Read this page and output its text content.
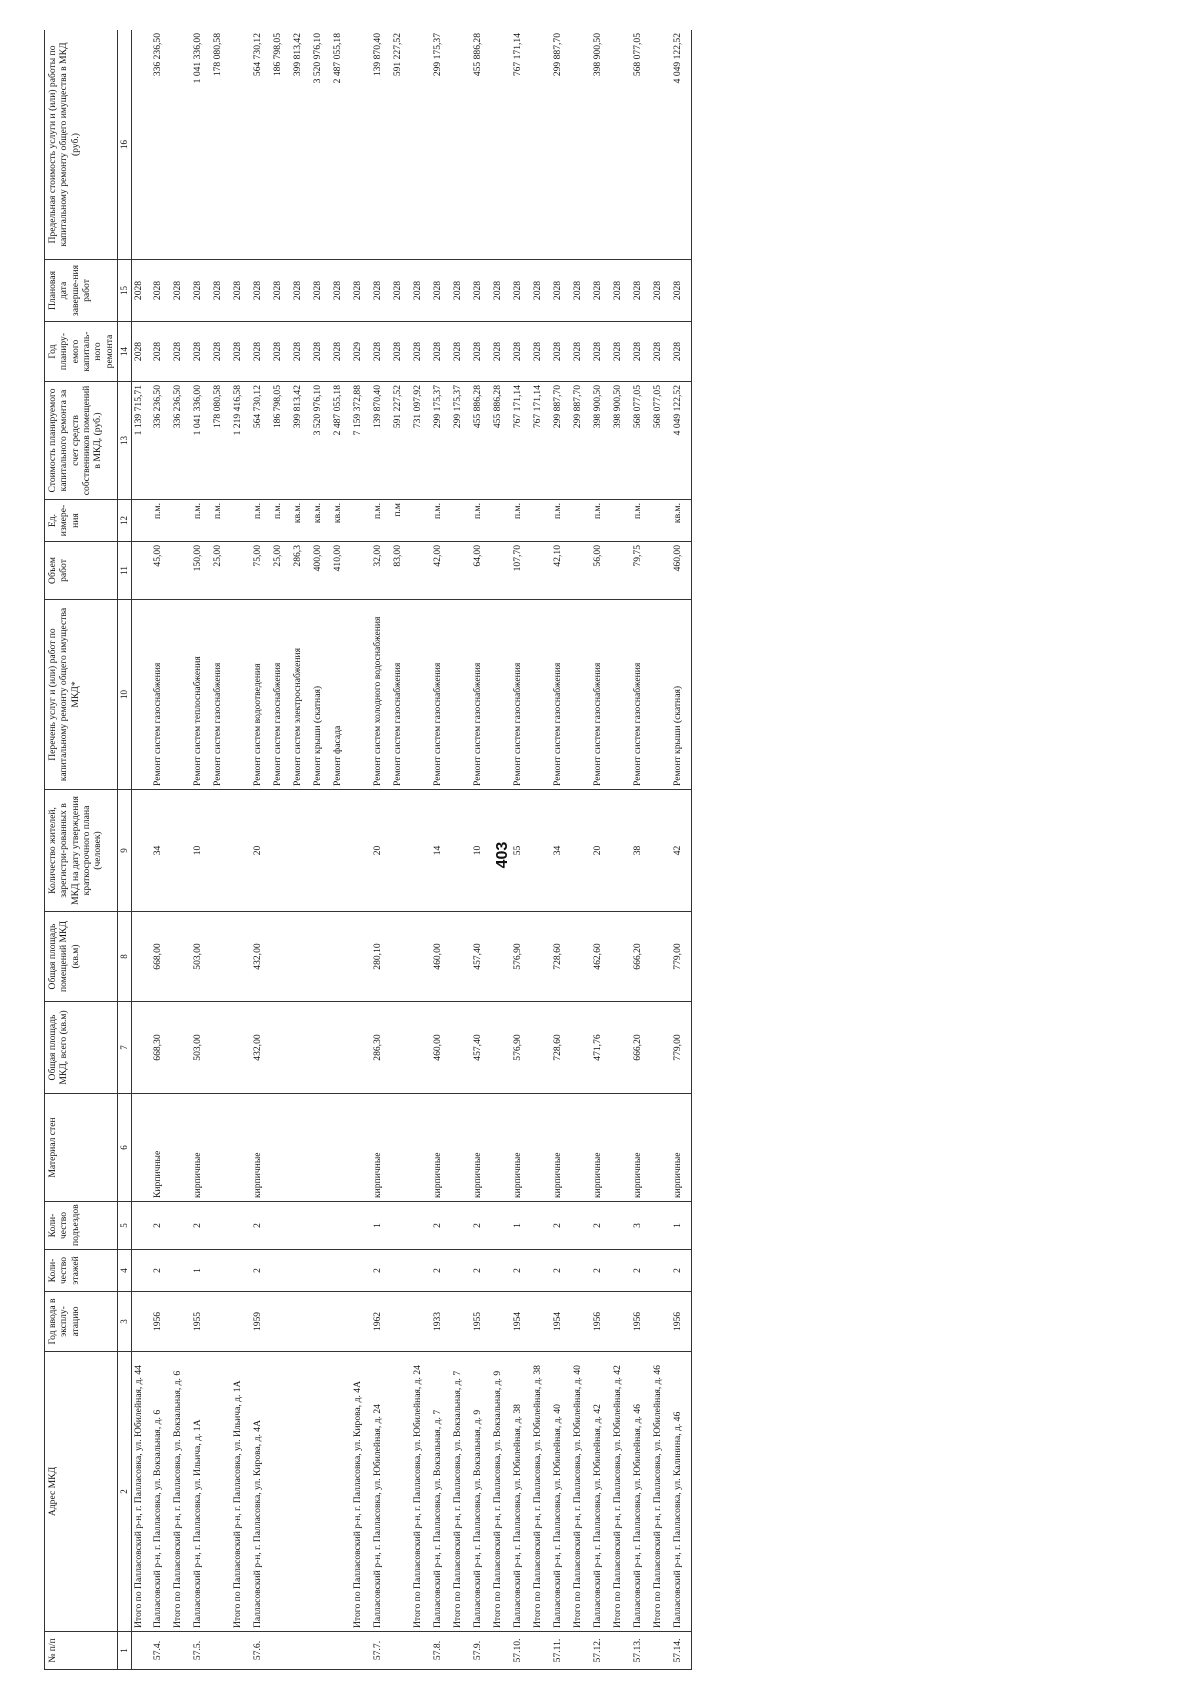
403
№ п/п	Адрес МКД	Год ввода в эксплу-атацию	Коли-чество этажей	Коли-чество подъездов	Материал стен	Общая площадь МКД, всего (кв.м)	Общая площадь помещений МКД (кв.м)	Количество жителей, зарегистри-рованных в МКД на дату утверждения краткосрочного плана (человек)	Перечень услуг и (или) работ по капитальному ремонту общего имущества МКД*	Объем работ	Ед. измере-ния	Стоимость планируемого капитального ремонта за счет средств собственников помещений в МКД, (руб.)	Год планиру-емого капиталь-ного ремонта	Плановая дата заверше-ния работ	Предельная стоимость услуги и (или) работы по капитальному ремонту общего имущества в МКД (руб.)
1	2	3	4	5	6	7	8	9	10	11	12	13	14	15	16
	Итого по Палласовский р-н, г. Палласовка, ул. Юбилейная, д. 44											1 139 715,71	2028	2028	
57.4.	Палласовский р-н, г. Палласовка, ул. Вокзальная, д. 6	1956	2	2	Кирпичные	668,30	668,00	34	Ремонт систем газоснабжения	45,00	п.м.	336 236,50	2028	2028	336 236,50
	Итого по Палласовский р-н, г. Палласовка, ул. Вокзальная, д. 6											336 236,50	2028	2028	
57.5.	Палласовский р-н, г. Палласовка, ул. Ильича, д. 1А	1955	1	2	кирпичные	503,00	503,00	10	Ремонт систем теплоснабжения	150,00	п.м.	1 041 336,00	2028	2028	1 041 336,00
									Ремонт систем газоснабжения	25,00	п.м.	178 080,58	2028	2028	178 080,58
	Итого по Палласовский р-н, г. Палласовка, ул. Ильича, д. 1А											1 219 416,58	2028	2028	
57.6.	Палласовский р-н, г. Палласовка, ул. Кирова, д. 4А	1959	2	2	кирпичные	432,00	432,00	20	Ремонт систем водоотведения	75,00	п.м.	564 730,12	2028	2028	564 730,12
									Ремонт систем газоснабжения	25,00	п.м.	186 798,05	2028	2028	186 798,05
									Ремонт систем электроснабжения	286,3	кв.м.	399 813,42	2028	2028	399 813,42
									Ремонт крыши (скатная)	400,00	кв.м.	3 520 976,10	2028	2028	3 520 976,10
									Ремонт фасада	410,00	кв.м.	2 487 055,18	2028	2028	2 487 055,18
	Итого по Палласовский р-н, г. Палласовка, ул. Кирова, д. 4А											7 159 372,88	2029	2028	
57.7.	Палласовский р-н, г. Палласовка, ул. Юбилейная, д. 24	1962	2	1	кирпичные	286,30	280,10	20	Ремонт систем холодного водоснабжения	32,00	п.м.	139 870,40	2028	2028	139 870,40
									Ремонт систем газоснабжения	83,00	п.м	591 227,52	2028	2028	591 227,52
	Итого по Палласовский р-н, г. Палласовка, ул. Юбилейная, д. 24											731 097,92	2028	2028	
57.8.	Палласовский р-н, г. Палласовка, ул. Вокзальная, д. 7	1933	2	2	кирпичные	460,00	460,00	14	Ремонт систем газоснабжения	42,00	п.м.	299 175,37	2028	2028	299 175,37
	Итого по Палласовский р-н, г. Палласовка, ул. Вокзальная, д. 7											299 175,37	2028	2028	
57.9.	Палласовский р-н, г. Палласовка, ул. Вокзальная, д. 9	1955	2	2	кирпичные	457,40	457,40	10	Ремонт систем газоснабжения	64,00	п.м.	455 886,28	2028	2028	455 886,28
	Итого по Палласовский р-н, г. Палласовка, ул. Вокзальная, д. 9											455 886,28	2028	2028	
57.10.	Палласовский р-н, г. Палласовка, ул. Юбилейная, д. 38	1954	2	1	кирпичные	576,90	576,90	55	Ремонт систем газоснабжения	107,70	п.м.	767 171,14	2028	2028	767 171,14
	Итого по Палласовский р-н, г. Палласовка, ул. Юбилейная, д. 38											767 171,14	2028	2028	
57.11.	Палласовский р-н, г. Палласовка, ул. Юбилейная, д. 40	1954	2	2	кирпичные	728,60	728,60	34	Ремонт систем газоснабжения	42,10	п.м.	299 887,70	2028	2028	299 887,70
	Итого по Палласовский р-н, г. Палласовка, ул. Юбилейная, д. 40											299 887,70	2028	2028	
57.12.	Палласовский р-н, г. Палласовка, ул. Юбилейная, д. 42	1956	2	2	кирпичные	471,76	462,60	20	Ремонт систем газоснабжения	56,00	п.м.	398 900,50	2028	2028	398 900,50
	Итого по Палласовский р-н, г. Палласовка, ул. Юбилейная, д. 42											398 900,50	2028	2028	
57.13.	Палласовский р-н, г. Палласовка, ул. Юбилейная, д. 46	1956	2	3	кирпичные	666,20	666,20	38	Ремонт систем газоснабжения	79,75	п.м.	568 077,05	2028	2028	568 077,05
	Итого по Палласовский р-н, г. Палласовка, ул. Юбилейная, д. 46											568 077,05	2028	2028	
57.14.	Палласовский р-н, г. Палласовка, ул. Калинина, д. 46	1956	2	1	кирпичные	779,00	779,00	42	Ремонт крыши (скатная)	460,00	кв.м.	4 049 122,52	2028	2028	4 049 122,52
